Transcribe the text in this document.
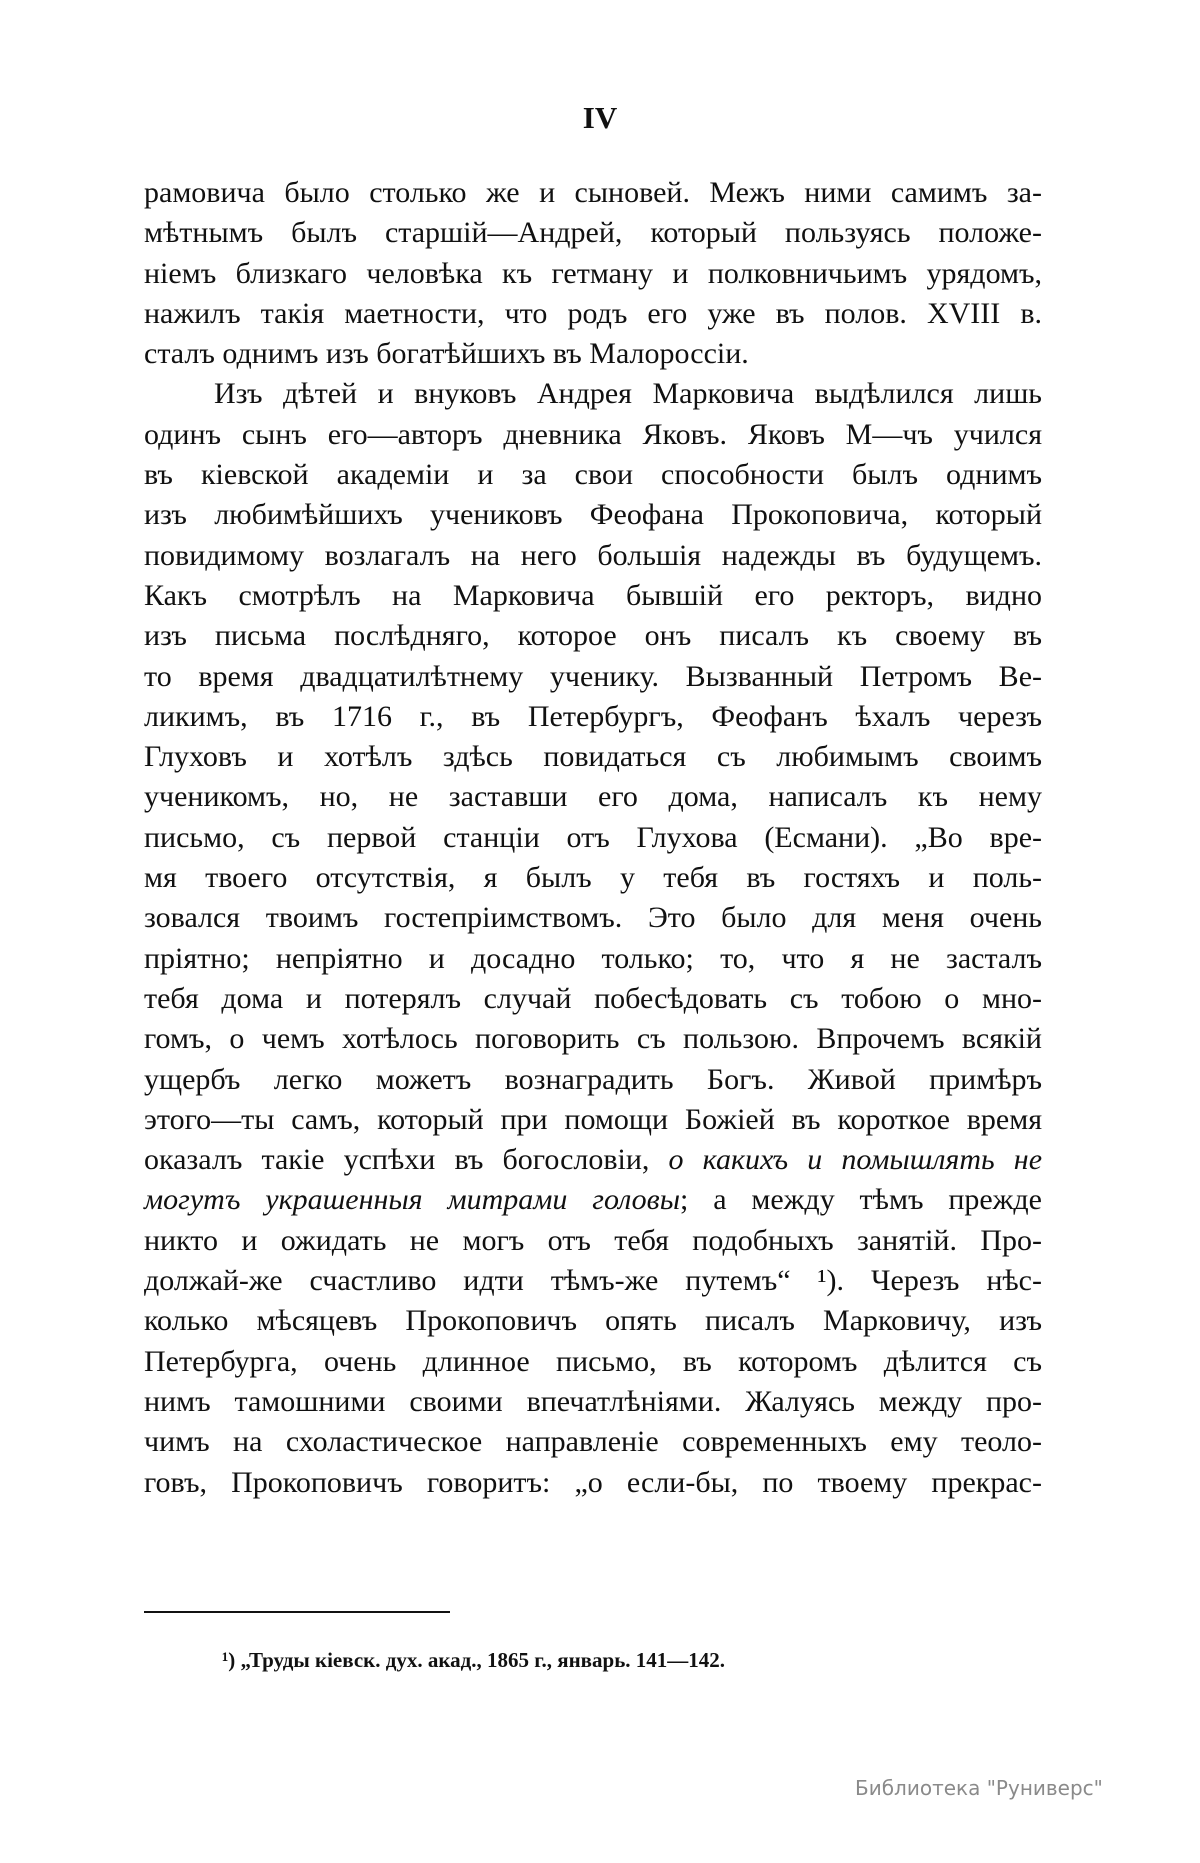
IV
рамовича было столько же и сыновей. Межъ ними самимъ за-
мѣтнымъ былъ старшiй—Андрей, который пользуясь положе-
нiемъ близкаго человѣка къ гетману и полковничьимъ урядомъ,
нажилъ такiя маетности, что родъ его уже въ полов. XVIII в.
сталъ однимъ изъ богатѣйшихъ въ Малороссiи.
Изъ дѣтей и внуковъ Андрея Марковича выдѣлился лишь
одинъ сынъ его—авторъ дневника Яковъ. Яковъ М—чъ учился
въ кiевской академiи и за свои способности былъ однимъ
изъ любимѣйшихъ учениковъ Феофана Прокоповича, который
повидимому возлагалъ на него большiя надежды въ будущемъ.
Какъ смотрѣлъ на Марковича бывшiй его ректоръ, видно
изъ письма послѣдняго, которое онъ писалъ къ своему въ
то время двадцатилѣтнему ученику. Вызванный Петромъ Ве-
ликимъ, въ 1716 г., въ Петербургъ, Феофанъ ѣхалъ черезъ
Глуховъ и хотѣлъ здѣсь повидаться съ любимымъ своимъ
ученикомъ, но, не заставши его дома, написалъ къ нему
письмо, съ первой станцiи отъ Глухова (Есмани). „Во вре-
мя твоего отсутствiя, я былъ у тебя въ гостяхъ и поль-
зовался твоимъ гостепрiимствомъ. Это было для меня очень
прiятно; непрiятно и досадно только; то, что я не засталъ
тебя дома и потерялъ случай побесѣдовать съ тобою о мно-
гомъ, о чемъ хотѣлось поговорить съ пользою. Впрочемъ всякiй
ущербъ легко можетъ вознаградить Богъ. Живой примѣръ
этого—ты самъ, который при помощи Божiей въ короткое время
оказалъ такiе успѣхи въ богословiи, о какихъ и помышлять не
могутъ украшенныя митрами головы; а между тѣмъ прежде
никто и ожидать не могъ отъ тебя подобныхъ занятiй. Про-
должай-же счастливо идти тѣмъ-же путемъ“ ¹). Черезъ нѣс-
колько мѣсяцевъ Прокоповичъ опять писалъ Марковичу, изъ
Петербурга, очень длинное письмо, въ которомъ дѣлится съ
нимъ тамошними своими впечатлѣнiями. Жалуясь между про-
чимъ на схоластическое направленiе современныхъ ему теоло-
говъ, Прокоповичъ говоритъ: „о если-бы, по твоему прекрас-
¹) „Труды кiевск. дух. акад., 1865 г., январь. 141—142.
Библиотека "Руниверс"
